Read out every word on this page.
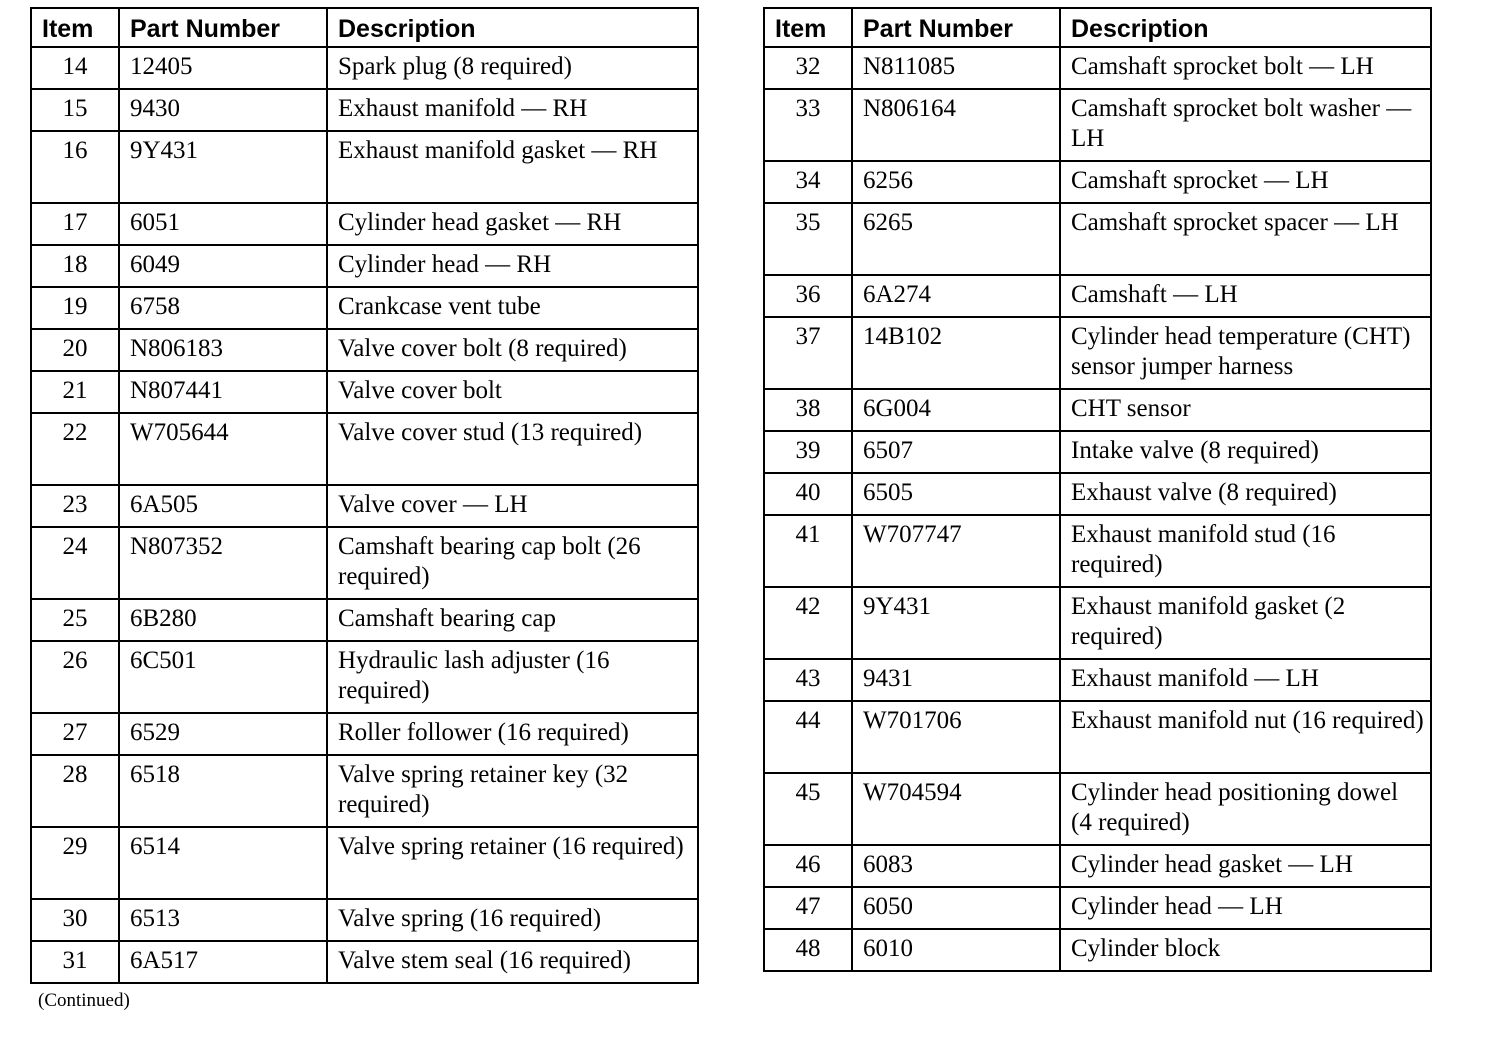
Item	Part Number	Description
14	12405	Spark plug (8 required)
15	9430	Exhaust manifold — RH
16	9Y431	Exhaust manifold gasket — RH
17	6051	Cylinder head gasket — RH
18	6049	Cylinder head — RH
19	6758	Crankcase vent tube
20	N806183	Valve cover bolt (8 required)
21	N807441	Valve cover bolt
22	W705644	Valve cover stud (13 required)
23	6A505	Valve cover — LH
24	N807352	Camshaft bearing cap bolt (26 required)
25	6B280	Camshaft bearing cap
26	6C501	Hydraulic lash adjuster (16 required)
27	6529	Roller follower (16 required)
28	6518	Valve spring retainer key (32 required)
29	6514	Valve spring retainer (16 required)
30	6513	Valve spring (16 required)
31	6A517	Valve stem seal (16 required)
Item	Part Number	Description
32	N811085	Camshaft sprocket bolt — LH
33	N806164	Camshaft sprocket bolt washer — LH
34	6256	Camshaft sprocket — LH
35	6265	Camshaft sprocket spacer — LH
36	6A274	Camshaft — LH
37	14B102	Cylinder head temperature (CHT) sensor jumper harness
38	6G004	CHT sensor
39	6507	Intake valve (8 required)
40	6505	Exhaust valve (8 required)
41	W707747	Exhaust manifold stud (16 required)
42	9Y431	Exhaust manifold gasket (2 required)
43	9431	Exhaust manifold — LH
44	W701706	Exhaust manifold nut (16 required)
45	W704594	Cylinder head positioning dowel (4 required)
46	6083	Cylinder head gasket — LH
47	6050	Cylinder head — LH
48	6010	Cylinder block
(Continued)
